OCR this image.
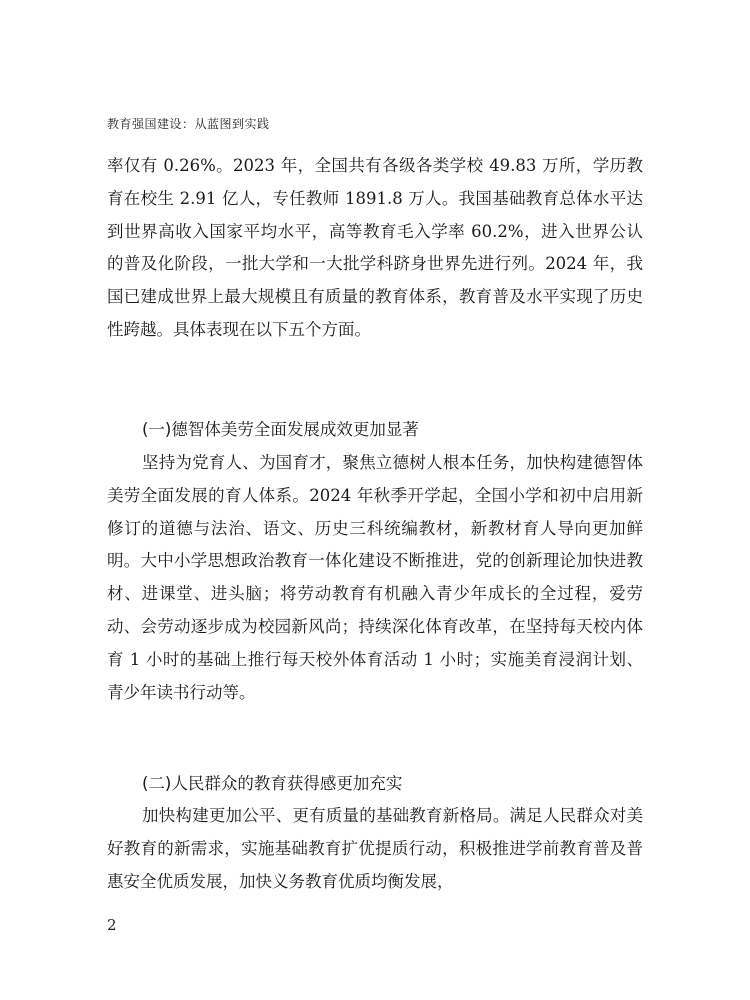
教育强国建设：从蓝图到实践

率仅有 0.26%。2023 年，全国共有各级各类学校 49.83 万所，学历教育在校生 2.91 亿人，专任教师 1891.8 万人。我国基础教育总体水平达到世界高收入国家平均水平，高等教育毛入学率 60.2%，进入世界公认的普及化阶段，一批大学和一大批学科跻身世界先进行列。2024 年，我国已建成世界上最大规模且有质量的教育体系，教育普及水平实现了历史性跨越。具体表现在以下五个方面。

(一)德智体美劳全面发展成效更加显著

坚持为党育人、为国育才，聚焦立德树人根本任务，加快构建德智体美劳全面发展的育人体系。2024 年秋季开学起，全国小学和初中启用新修订的道德与法治、语文、历史三科统编教材，新教材育人导向更加鲜明。大中小学思想政治教育一体化建设不断推进，党的创新理论加快进教材、进课堂、进头脑；将劳动教育有机融入青少年成长的全过程，爱劳动、会劳动逐步成为校园新风尚；持续深化体育改革，在坚持每天校内体育 1 小时的基础上推行每天校外体育活动 1 小时；实施美育浸润计划、青少年读书行动等。

(二)人民群众的教育获得感更加充实

加快构建更加公平、更有质量的基础教育新格局。满足人民群众对美好教育的新需求，实施基础教育扩优提质行动，积极推进学前教育普及普惠安全优质发展，加快义务教育优质均衡发展，

2
